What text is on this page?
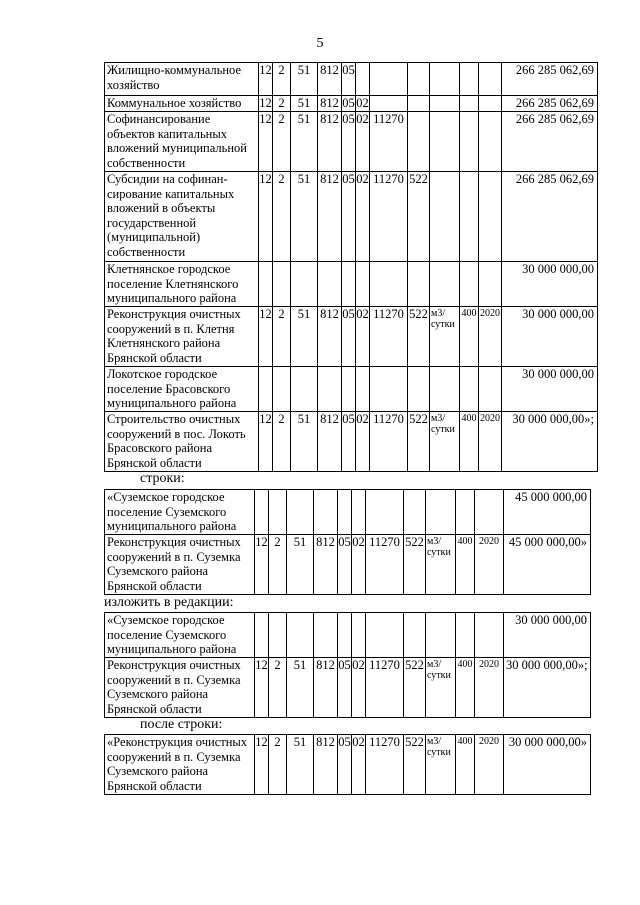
5
Жилищно-коммунальное хозяйство	12	2	51	812	05							266 285 062,69
Коммунальное хозяйство	12	2	51	812	05	02						266 285 062,69
Софинансирование объектов капитальных вложений муниципальной собственности	12	2	51	812	05	02	11270					266 285 062,69
Субсидии на софинан-сирование капитальных вложений в объекты государственной (муниципальной) собственности	12	2	51	812	05	02	11270	522				266 285 062,69
Клетнянское городское поселение Клетнянского муниципального района												30 000 000,00
Реконструкция очистных сооружений в п. Клетня Клетнянского района Брянской области	12	2	51	812	05	02	11270	522	м3/ сутки	400	2020	30 000 000,00
Локотское городское поселение Брасовского муниципального района												30 000 000,00
Строительство очистных сооружений в пос. Локоть Брасовского района Брянской области	12	2	51	812	05	02	11270	522	м3/ сутки	400	2020	30 000 000,00»;
строки:
«Суземское городское поселение Суземского муниципального района												45 000 000,00
Реконструкция очистных сооружений в п. Суземка Суземского района Брянской области	12	2	51	812	05	02	11270	522	м3/ сутки	400	2020	45 000 000,00»
изложить в редакции:
«Суземское городское поселение Суземского муниципального района												30 000 000,00
Реконструкция очистных сооружений в п. Суземка Суземского района Брянской области	12	2	51	812	05	02	11270	522	м3/ сутки	400	2020	30 000 000,00»;
после строки:
«Реконструкция очистных сооружений в п. Суземка Суземского района Брянской области	12	2	51	812	05	02	11270	522	м3/ сутки	400	2020	30 000 000,00»
